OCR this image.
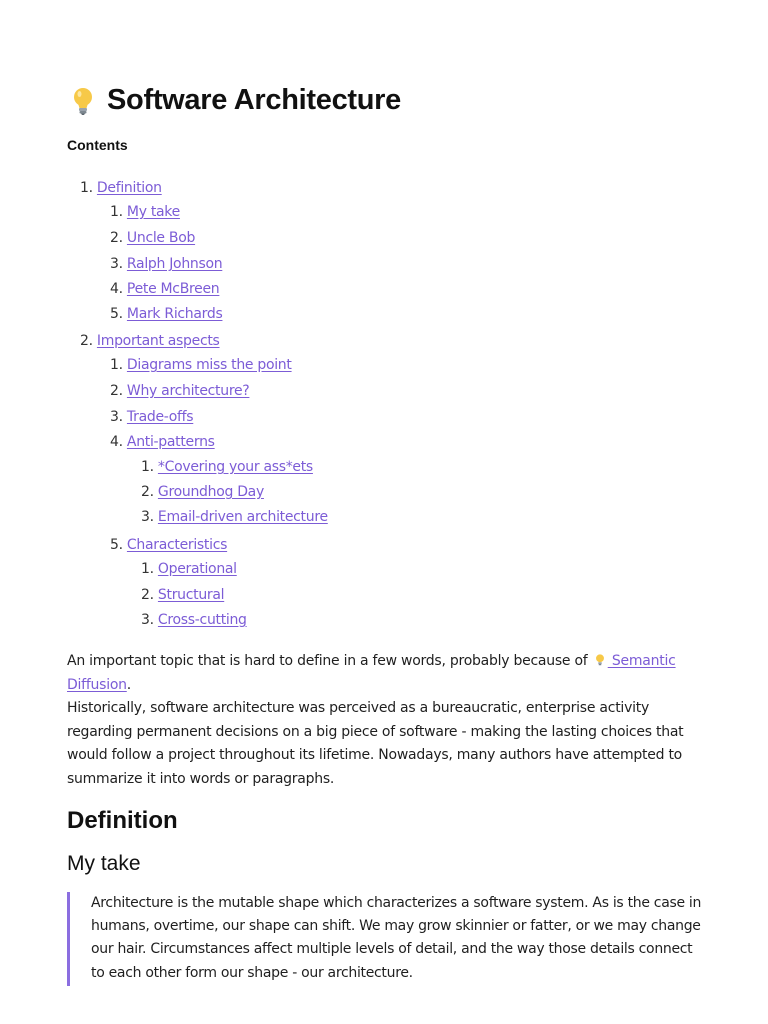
Software Architecture
Contents
1. Definition
1. My take
2. Uncle Bob
3. Ralph Johnson
4. Pete McBreen
5. Mark Richards
2. Important aspects
1. Diagrams miss the point
2. Why architecture?
3. Trade-offs
4. Anti-patterns
1. *Covering your ass*ets
2. Groundhog Day
3. Email-driven architecture
5. Characteristics
1. Operational
2. Structural
3. Cross-cutting
An important topic that is hard to define in a few words, probably because of  Semantic Diffusion.
Historically, software architecture was perceived as a bureaucratic, enterprise activity regarding permanent decisions on a big piece of software - making the lasting choices that would follow a project throughout its lifetime. Nowadays, many authors have attempted to summarize it into words or paragraphs.
Definition
My take

Architecture is the mutable shape which characterizes a software system. As is the case in humans, overtime, our shape can shift. We may grow skinnier or fatter, or we may change our hair. Circumstances affect multiple levels of detail, and the way those details connect to each other form our shape - our architecture.
